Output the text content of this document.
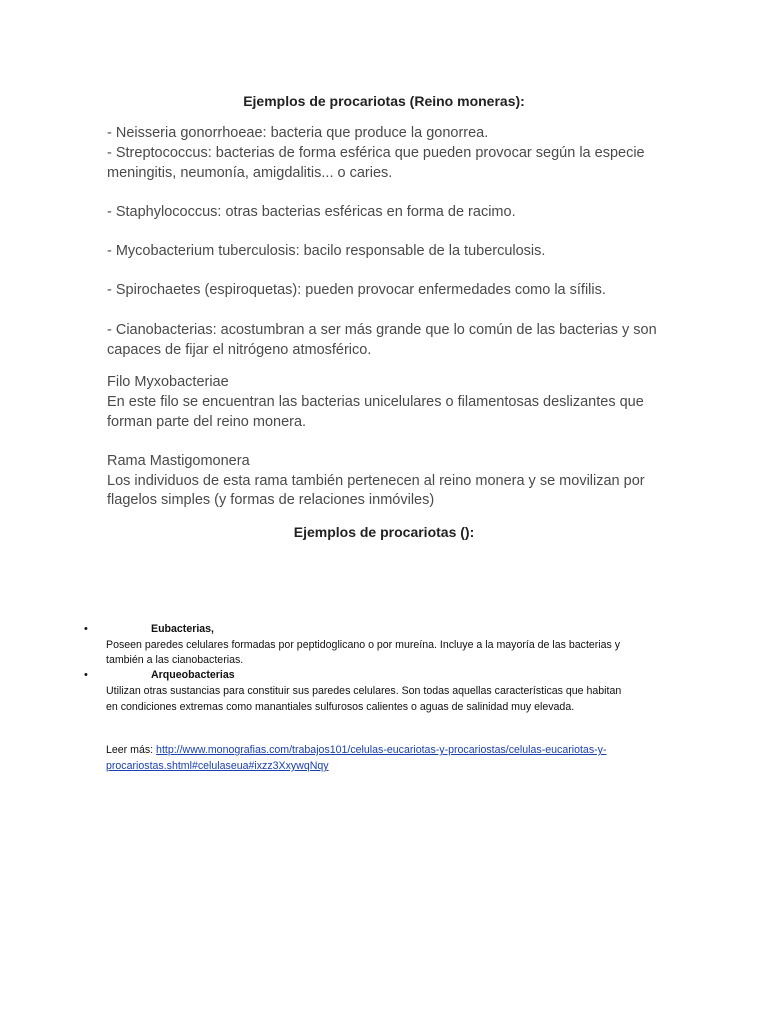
Ejemplos de procariotas (Reino moneras):
- Neisseria gonorrhoeae: bacteria que produce la gonorrea.
- Streptococcus: bacterias de forma esférica que pueden provocar según la especie
meningitis, neumonía, amigdalitis... o caries.
- Staphylococcus: otras bacterias esféricas en forma de racimo.
- Mycobacterium tuberculosis: bacilo responsable de la tuberculosis.
- Spirochaetes (espiroquetas): pueden provocar enfermedades como la sífilis.
- Cianobacterias: acostumbran a ser más grande que lo común de las bacterias y son
capaces de fijar el nitrógeno atmosférico.
Filo Myxobacteriae
En este filo se encuentran las bacterias unicelulares o filamentosas deslizantes que
forman parte del reino monera.
Rama Mastigomonera
Los individuos de esta rama también pertenecen al reino monera y se movilizan por
flagelos simples (y formas de relaciones inmóviles)
Ejemplos de procariotas ():
•	Eubacterias,
Poseen paredes celulares formadas por peptidoglicano o por mureína. Incluye a la mayoría de las bacterias y
también a las cianobacterias.
•	Arqueobacterias
Utilizan otras sustancias para constituir sus paredes celulares. Son todas aquellas características que habitan
en condiciones extremas como manantiales sulfurosos calientes o aguas de salinidad muy elevada.
Leer más: http://www.monografias.com/trabajos101/celulas-eucariotas-y-procariostas/celulas-eucariotas-y-
procariostas.shtml#celulaseua#ixzz3XxywqNqy
